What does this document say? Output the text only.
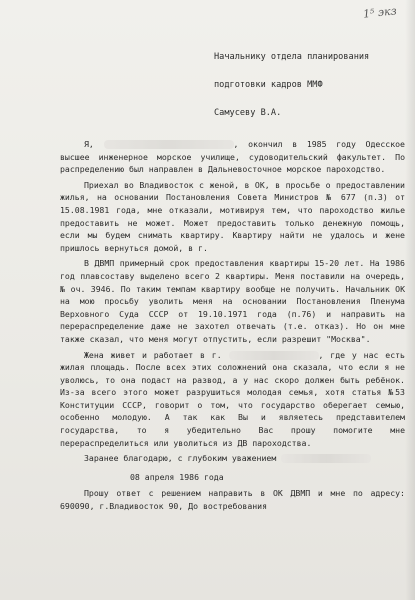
1⁵ экз

Начальнику отдела планирования

подготовки кадров ММФ

Самусеву В.А.

Я,	, окончил в 1985 году Одесское высшее инженерное морское училище, судоводительский факультет. По распределению был направлен в Дальневосточное морское пароходство.

Приехал во Владивосток с женой, в ОК, в просьбе о предоставлении жилья, на основании Постановления Совета Министров № 677 (п.3) от 15.08.1981 года, мне отказали, мотивируя тем, что пароходство жилье предоставить не может. Может предоставить только денежную помощь, если мы будем снимать квартиру. Квартиру найти не удалось и жене пришлось вернуться домой, в г.

В ДВМП примерный срок предоставления квартиры 15-20 лет. На 1986 год плавсоставу выделено всего 2 квартиры. Меня поставили на очередь, № оч. 3946. По таким темпам квартиру вообще не получить. Начальник ОК на мою просьбу уволить меня на основании Постановления Пленума Верховного Суда СССР от 19.10.1971 года (п.76) и направить на перераспределение даже не захотел отвечать (т.е. отказ). Но он мне также сказал, что меня могут отпустить, если разрешит "Москва".

Жена живет и работает в г.	, где у нас есть жилая площадь. После всех этих соложнений она сказала, что если я не уволюсь, то она подаст на развод, а у нас скоро должен быть ребёнок. Из-за всего этого может разрушиться молодая семья, хотя статья №53 Конституции СССР, говорит о том, что государство оберегает семью, особенно молодую. А так как Вы и являетесь представителем государства, то я убедительно Вас прошу помогите мне перераспределиться или уволиться из ДВ пароходства.

Заранее благодарю, с глубоким уважением

08 апреля 1986 года

Прошу ответ с решением направить в ОК ДВМП и мне по адресу: 690090, г.Владивосток 90, До востребования
